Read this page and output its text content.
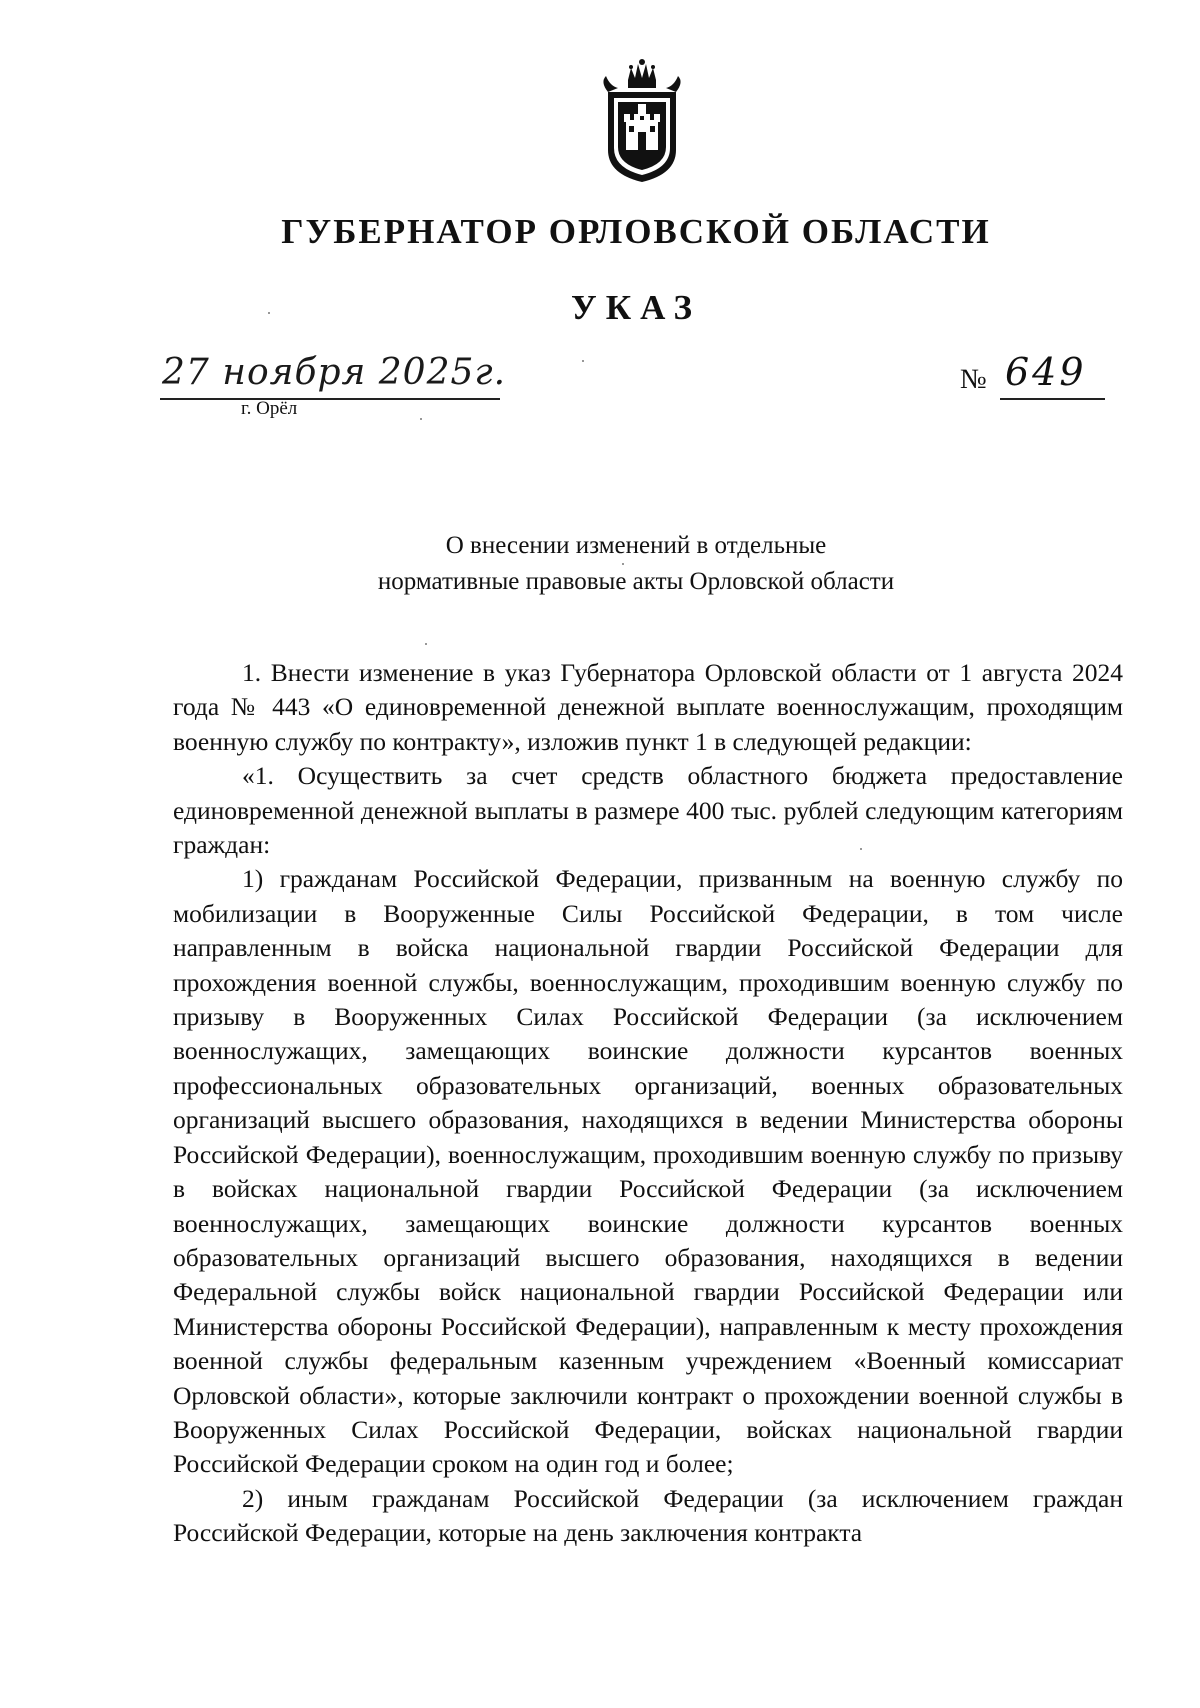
ГУБЕРНАТОР ОРЛОВСКОЙ ОБЛАСТИ
УКАЗ
27 ноября 2025г.
г. Орёл
№ 649
О внесении изменений в отдельные
нормативные правовые акты Орловской области

1. Внести изменение в указ Губернатора Орловской области от 1 августа 2024 года № 443 «О единовременной денежной выплате военнослужащим, проходящим военную службу по контракту», изложив пункт 1 в следующей редакции:

«1. Осуществить за счет средств областного бюджета предоставление единовременной денежной выплаты в размере 400 тыс. рублей следующим категориям граждан:

1) гражданам Российской Федерации, призванным на военную службу по мобилизации в Вооруженные Силы Российской Федерации, в том числе направленным в войска национальной гвардии Российской Федерации для прохождения военной службы, военнослужащим, проходившим военную службу по призыву в Вооруженных Силах Российской Федерации (за исключением военнослужащих, замещающих воинские должности курсантов военных профессиональных образовательных организаций, военных образовательных организаций высшего образования, находящихся в ведении Министерства обороны Российской Федерации), военнослужащим, проходившим военную службу по призыву в войсках национальной гвардии Российской Федерации (за исключением военнослужащих, замещающих воинские должности курсантов военных образовательных организаций высшего образования, находящихся в ведении Федеральной службы войск национальной гвардии Российской Федерации или Министерства обороны Российской Федерации), направленным к месту прохождения военной службы федеральным казенным учреждением «Военный комиссариат Орловской области», которые заключили контракт о прохождении военной службы в Вооруженных Силах Российской Федерации, войсках национальной гвардии Российской Федерации сроком на один год и более;

2) иным гражданам Российской Федерации (за исключением граждан Российской Федерации, которые на день заключения контракта
